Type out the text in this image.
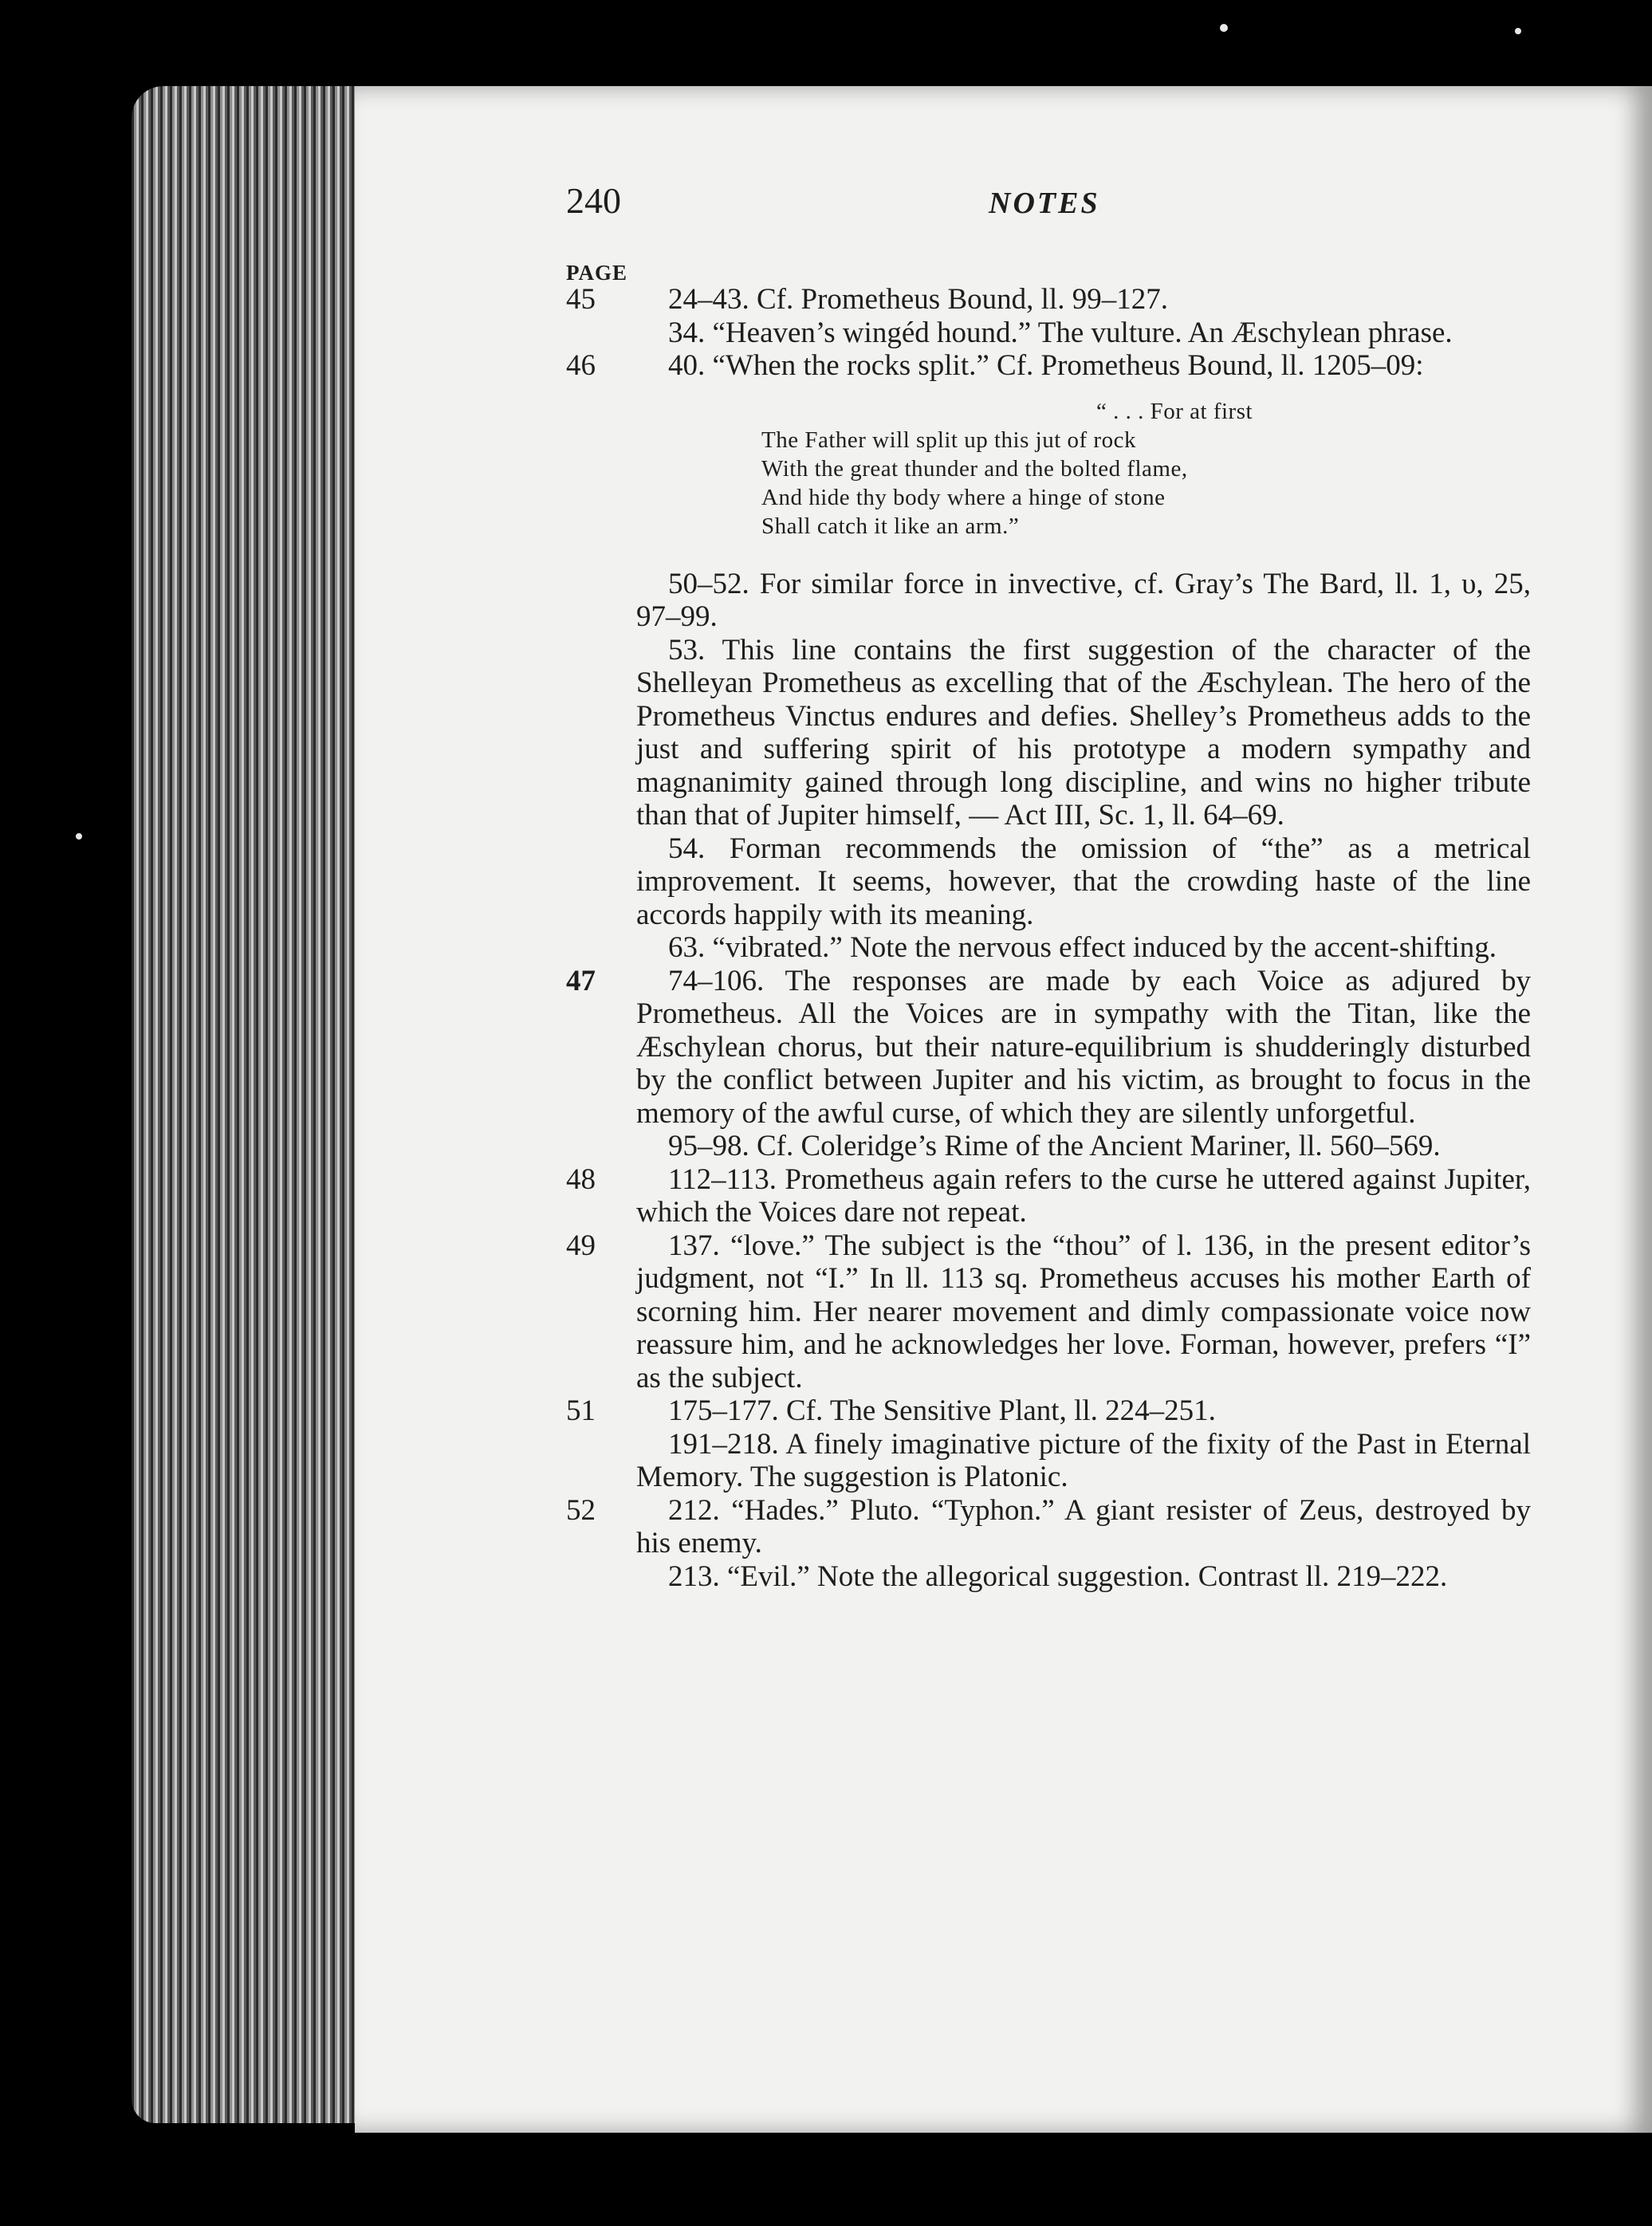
240	NOTES
PAGE
45	24–43. Cf. Prometheus Bound, ll. 99–127.
34. “Heaven’s wingéd hound.” The vulture. An Æschylean phrase.
46	40. “When the rocks split.” Cf. Prometheus Bound, ll. 1205–09:
“ . . . For at first
The Father will split up this jut of rock
With the great thunder and the bolted flame,
And hide thy body where a hinge of stone
Shall catch it like an arm.”
50–52. For similar force in invective, cf. Gray’s The Bard, ll. 1, υ, 25, 97–99.
53. This line contains the first suggestion of the character of the Shelleyan Prometheus as excelling that of the Æschylean. The hero of the Prometheus Vinctus endures and defies. Shelley’s Prometheus adds to the just and suffering spirit of his prototype a modern sympathy and magnanimity gained through long discipline, and wins no higher tribute than that of Jupiter himself, — Act III, Sc. 1, ll. 64–69.
54. Forman recommends the omission of “the” as a metrical improvement. It seems, however, that the crowding haste of the line accords happily with its meaning.
63. “vibrated.” Note the nervous effect induced by the accent-shifting.
47	74–106. The responses are made by each Voice as adjured by Prometheus. All the Voices are in sympathy with the Titan, like the Æschylean chorus, but their nature-equilibrium is shudderingly disturbed by the conflict between Jupiter and his victim, as brought to focus in the memory of the awful curse, of which they are silently unforgetful.
95–98. Cf. Coleridge’s Rime of the Ancient Mariner, ll. 560–569.
48	112–113. Prometheus again refers to the curse he uttered against Jupiter, which the Voices dare not repeat.
49	137. “love.” The subject is the “thou” of l. 136, in the present editor’s judgment, not “I.” In ll. 113 sq. Prometheus accuses his mother Earth of scorning him. Her nearer movement and dimly compassionate voice now reassure him, and he acknowledges her love. Forman, however, prefers “I” as the subject.
51	175–177. Cf. The Sensitive Plant, ll. 224–251.
191–218. A finely imaginative picture of the fixity of the Past in Eternal Memory. The suggestion is Platonic.
52	212. “Hades.” Pluto. “Typhon.” A giant resister of Zeus, destroyed by his enemy.
213. “Evil.” Note the allegorical suggestion. Contrast ll. 219–222.
